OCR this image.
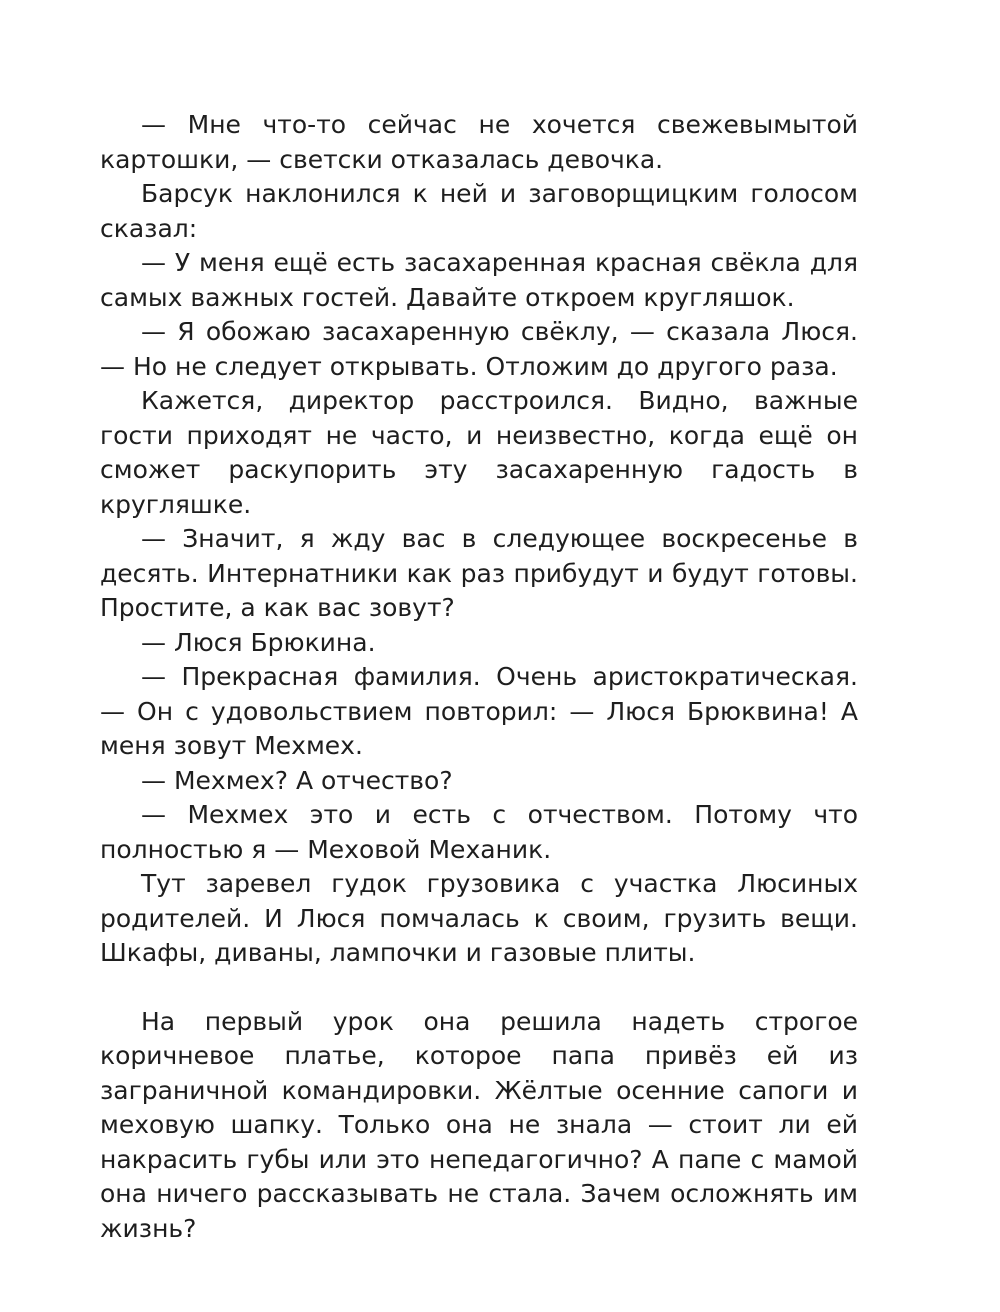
— Мне что-то сейчас не хочется свежевымытой картошки, — светски отказалась девочка.

Барсук наклонился к ней и заговорщицким голосом сказал:

— У меня ещё есть засахаренная красная свёкла для самых важных гостей. Давайте откроем кругляшок.

— Я обожаю засахаренную свёклу, — сказала Люся. — Но не следует открывать. Отложим до другого раза.

Кажется, директор расстроился. Видно, важные гости приходят не часто, и неизвестно, когда ещё он сможет раскупорить эту засахаренную гадость в кругляшке.

— Значит, я жду вас в следующее воскресенье в десять. Интернатники как раз прибудут и будут готовы. Простите, а как вас зовут?

— Люся Брюкина.

— Прекрасная фамилия. Очень аристократическая. — Он с удовольствием повторил: — Люся Брюквина! А меня зовут Мехмех.

— Мехмех? А отчество?

— Мехмех это и есть с отчеством. Потому что полностью я — Меховой Механик.

Тут заревел гудок грузовика с участка Люсиных родителей. И Люся помчалась к своим, грузить вещи. Шкафы, диваны, лампочки и газовые плиты.

На первый урок она решила надеть строгое коричневое платье, которое папа привёз ей из заграничной командировки. Жёлтые осенние сапоги и меховую шапку. Только она не знала — стоит ли ей накрасить губы или это непедагогично? А папе с мамой она ничего рассказывать не стала. Зачем осложнять им жизнь?
